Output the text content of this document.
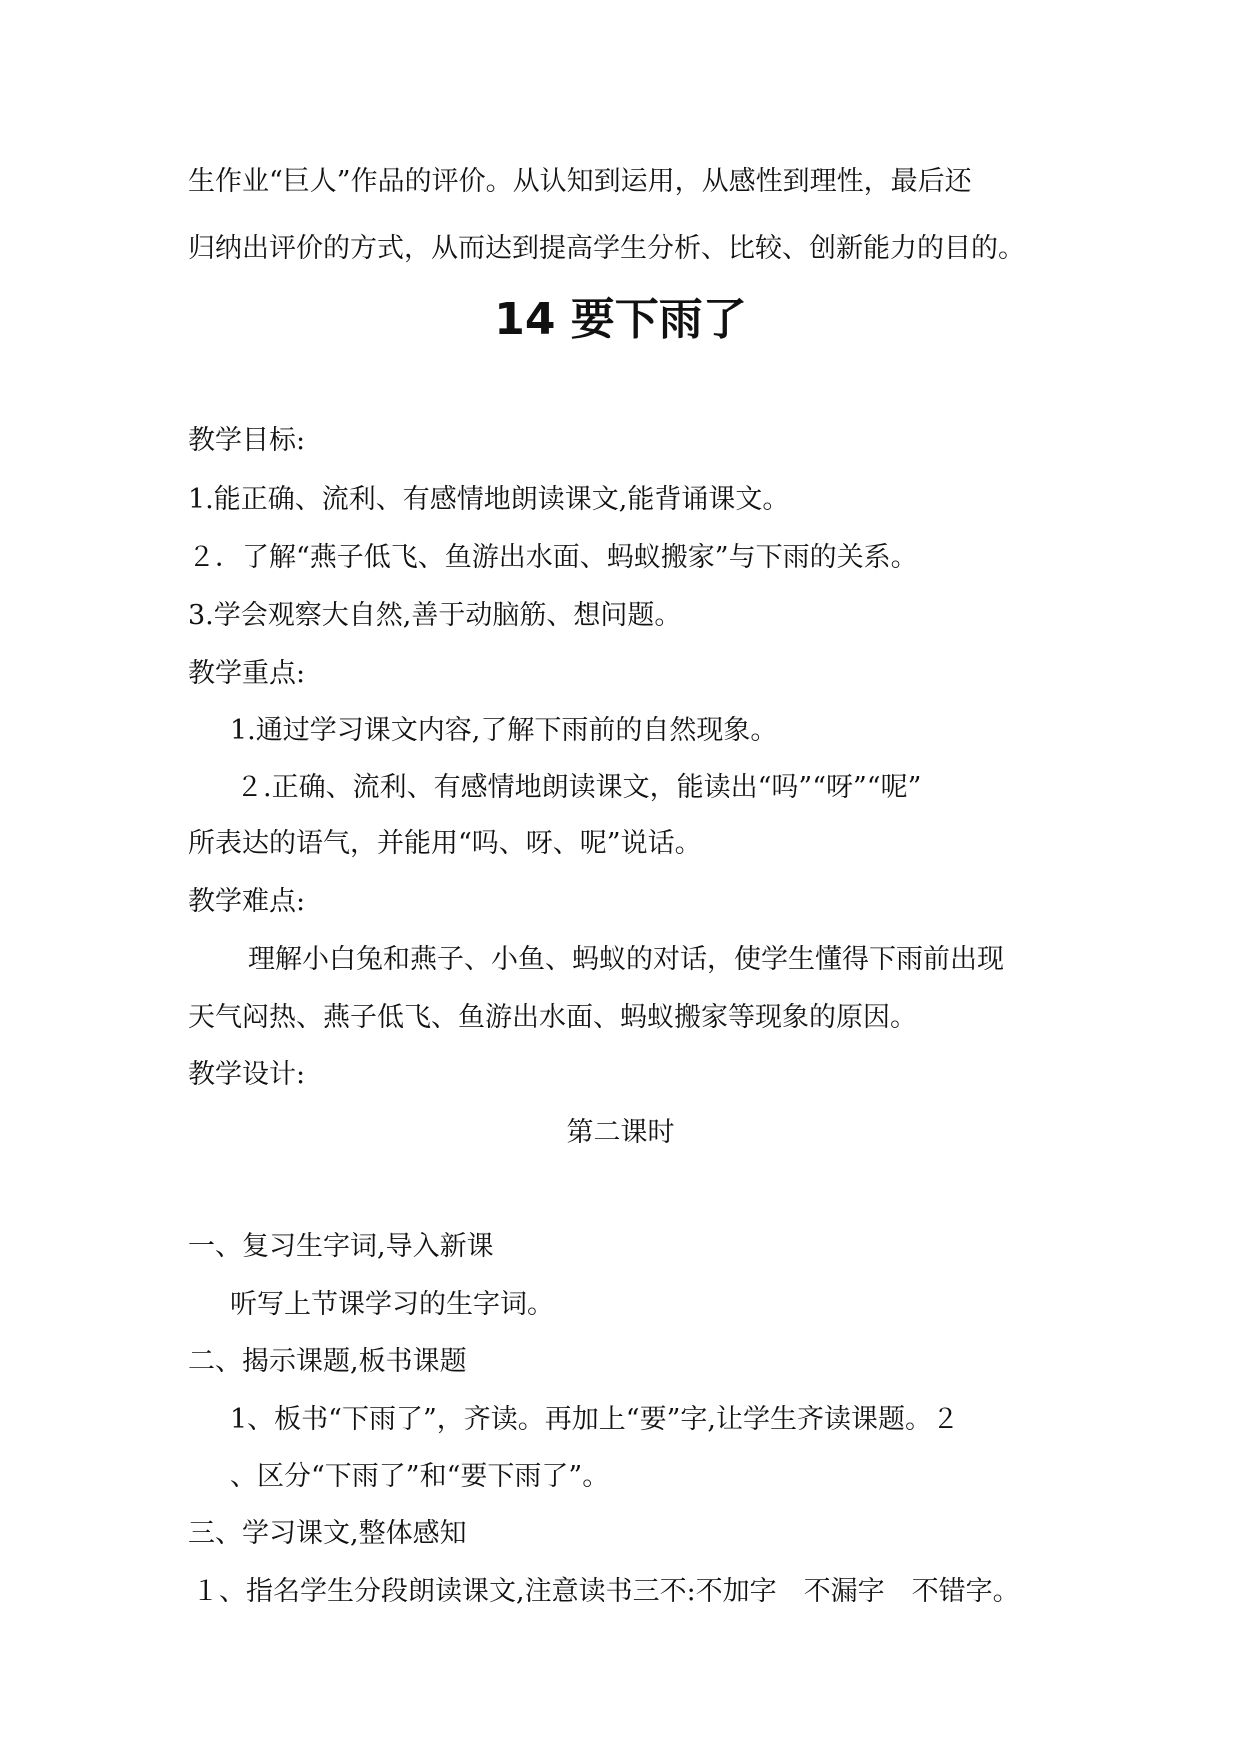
生作业“巨人”作品的评价。从认知到运用，从感性到理性，最后还
归纳出评价的方式，从而达到提高学生分析、比较、创新能力的目的。
14 要下雨了
教学目标:
1.能正确、流利、有感情地朗读课文,能背诵课文。
２．了解“燕子低飞、鱼游出水面、蚂蚁搬家”与下雨的关系。
3.学会观察大自然,善于动脑筋、想问题。
教学重点:
1.通过学习课文内容,了解下雨前的自然现象。
２.正确、流利、有感情地朗读课文，能读出“吗”“呀”“呢”
所表达的语气，并能用“吗、呀、呢”说话。
教学难点:
理解小白兔和燕子、小鱼、蚂蚁的对话，使学生懂得下雨前出现
天气闷热、燕子低飞、鱼游出水面、蚂蚁搬家等现象的原因。
教学设计:
第二课时
一、复习生字词,导入新课
听写上节课学习的生字词。
二、揭示课题,板书课题
1、板书“下雨了”，齐读。再加上“要”字,让学生齐读课题。２
、区分“下雨了”和“要下雨了”。
三、学习课文,整体感知
１、指名学生分段朗读课文,注意读书三不:不加字　不漏字　不错字。
